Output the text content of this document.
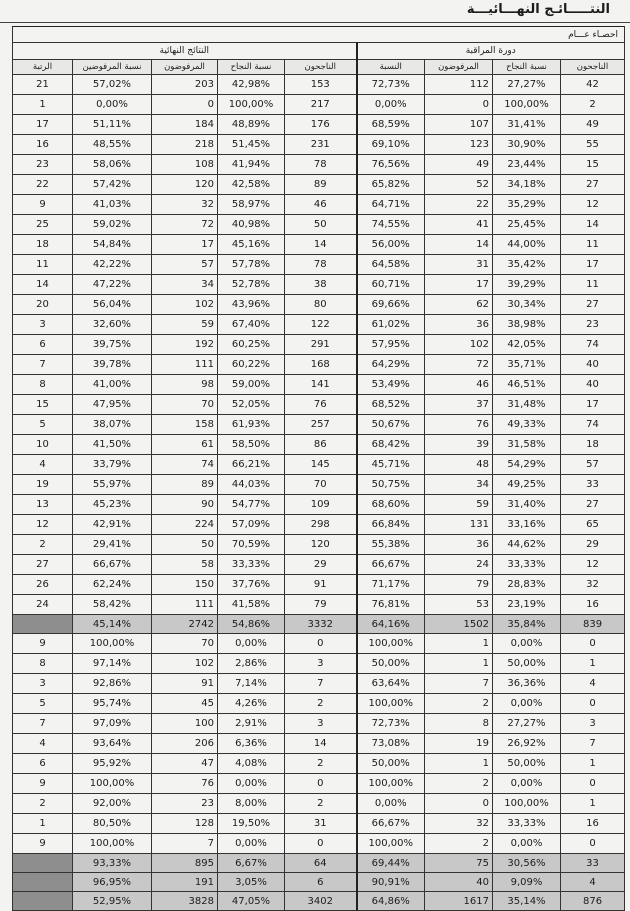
النتـــــائـج النهـــائيـــة
احصـاء عـــام								
النتائج النهائية					دورة المراقبة			
الرتبة	نسبة المرفوضين	المرفوضون	نسبة النجاح	الناجحون	النسبة	المرفوضون	نسبة النجاح	الناجحون
21	57,02%	203	42,98%	153	72,73%	112	27,27%	42
1	0,00%	0	100,00%	217	0,00%	0	100,00%	2
17	51,11%	184	48,89%	176	68,59%	107	31,41%	49
16	48,55%	218	51,45%	231	69,10%	123	30,90%	55
23	58,06%	108	41,94%	78	76,56%	49	23,44%	15
22	57,42%	120	42,58%	89	65,82%	52	34,18%	27
9	41,03%	32	58,97%	46	64,71%	22	35,29%	12
25	59,02%	72	40,98%	50	74,55%	41	25,45%	14
18	54,84%	17	45,16%	14	56,00%	14	44,00%	11
11	42,22%	57	57,78%	78	64,58%	31	35,42%	17
14	47,22%	34	52,78%	38	60,71%	17	39,29%	11
20	56,04%	102	43,96%	80	69,66%	62	30,34%	27
3	32,60%	59	67,40%	122	61,02%	36	38,98%	23
6	39,75%	192	60,25%	291	57,95%	102	42,05%	74
7	39,78%	111	60,22%	168	64,29%	72	35,71%	40
8	41,00%	98	59,00%	141	53,49%	46	46,51%	40
15	47,95%	70	52,05%	76	68,52%	37	31,48%	17
5	38,07%	158	61,93%	257	50,67%	76	49,33%	74
10	41,50%	61	58,50%	86	68,42%	39	31,58%	18
4	33,79%	74	66,21%	145	45,71%	48	54,29%	57
19	55,97%	89	44,03%	70	50,75%	34	49,25%	33
13	45,23%	90	54,77%	109	68,60%	59	31,40%	27
12	42,91%	224	57,09%	298	66,84%	131	33,16%	65
2	29,41%	50	70,59%	120	55,38%	36	44,62%	29
27	66,67%	58	33,33%	29	66,67%	24	33,33%	12
26	62,24%	150	37,76%	91	71,17%	79	28,83%	32
24	58,42%	111	41,58%	79	76,81%	53	23,19%	16
	45,14%	2742	54,86%	3332	64,16%	1502	35,84%	839
9	100,00%	70	0,00%	0	100,00%	1	0,00%	0
8	97,14%	102	2,86%	3	50,00%	1	50,00%	1
3	92,86%	91	7,14%	7	63,64%	7	36,36%	4
5	95,74%	45	4,26%	2	100,00%	2	0,00%	0
7	97,09%	100	2,91%	3	72,73%	8	27,27%	3
4	93,64%	206	6,36%	14	73,08%	19	26,92%	7
6	95,92%	47	4,08%	2	50,00%	1	50,00%	1
9	100,00%	76	0,00%	0	100,00%	2	0,00%	0
2	92,00%	23	8,00%	2	0,00%	0	100,00%	1
1	80,50%	128	19,50%	31	66,67%	32	33,33%	16
9	100,00%	7	0,00%	0	100,00%	2	0,00%	0
	93,33%	895	6,67%	64	69,44%	75	30,56%	33
	96,95%	191	3,05%	6	90,91%	40	9,09%	4
	52,95%	3828	47,05%	3402	64,86%	1617	35,14%	876
